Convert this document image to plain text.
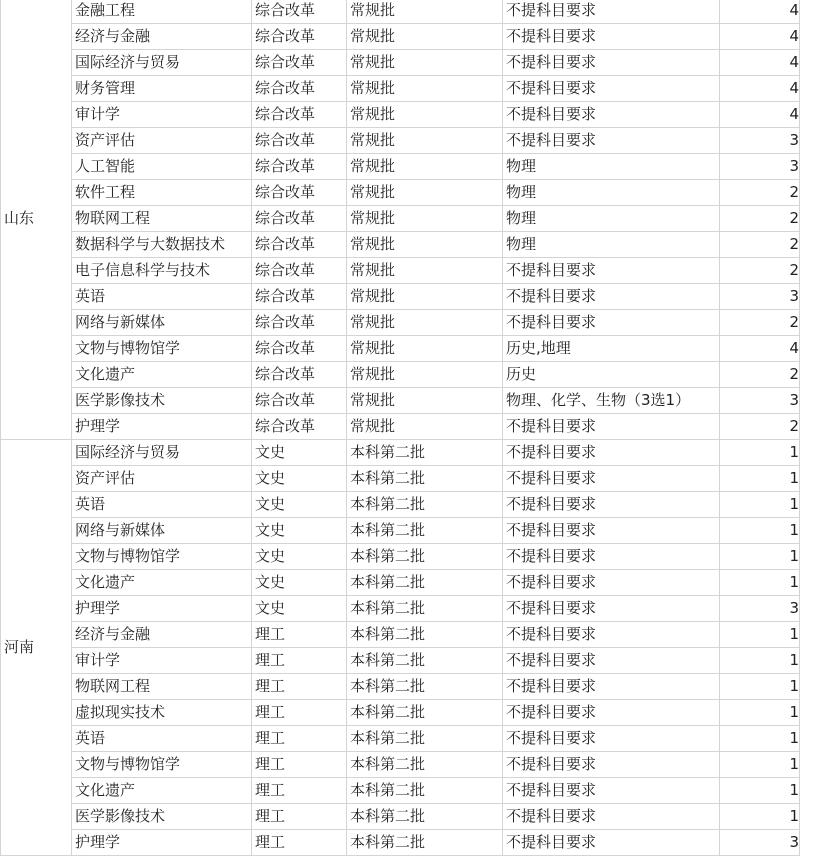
山东	金融工程	综合改革	常规批	不提科目要求	4
	经济与金融	综合改革	常规批	不提科目要求	4
	国际经济与贸易	综合改革	常规批	不提科目要求	4
	财务管理	综合改革	常规批	不提科目要求	4
	审计学	综合改革	常规批	不提科目要求	4
	资产评估	综合改革	常规批	不提科目要求	3
	人工智能	综合改革	常规批	物理	3
	软件工程	综合改革	常规批	物理	2
	物联网工程	综合改革	常规批	物理	2
	数据科学与大数据技术	综合改革	常规批	物理	2
	电子信息科学与技术	综合改革	常规批	不提科目要求	2
	英语	综合改革	常规批	不提科目要求	3
	网络与新媒体	综合改革	常规批	不提科目要求	2
	文物与博物馆学	综合改革	常规批	历史,地理	4
	文化遗产	综合改革	常规批	历史	2
	医学影像技术	综合改革	常规批	物理、化学、生物（3选1）	3
	护理学	综合改革	常规批	不提科目要求	2
河南	国际经济与贸易	文史	本科第二批	不提科目要求	1
	资产评估	文史	本科第二批	不提科目要求	1
	英语	文史	本科第二批	不提科目要求	1
	网络与新媒体	文史	本科第二批	不提科目要求	1
	文物与博物馆学	文史	本科第二批	不提科目要求	1
	文化遗产	文史	本科第二批	不提科目要求	1
	护理学	文史	本科第二批	不提科目要求	3
	经济与金融	理工	本科第二批	不提科目要求	1
	审计学	理工	本科第二批	不提科目要求	1
	物联网工程	理工	本科第二批	不提科目要求	1
	虚拟现实技术	理工	本科第二批	不提科目要求	1
	英语	理工	本科第二批	不提科目要求	1
	文物与博物馆学	理工	本科第二批	不提科目要求	1
	文化遗产	理工	本科第二批	不提科目要求	1
	医学影像技术	理工	本科第二批	不提科目要求	1
	护理学	理工	本科第二批	不提科目要求	3
